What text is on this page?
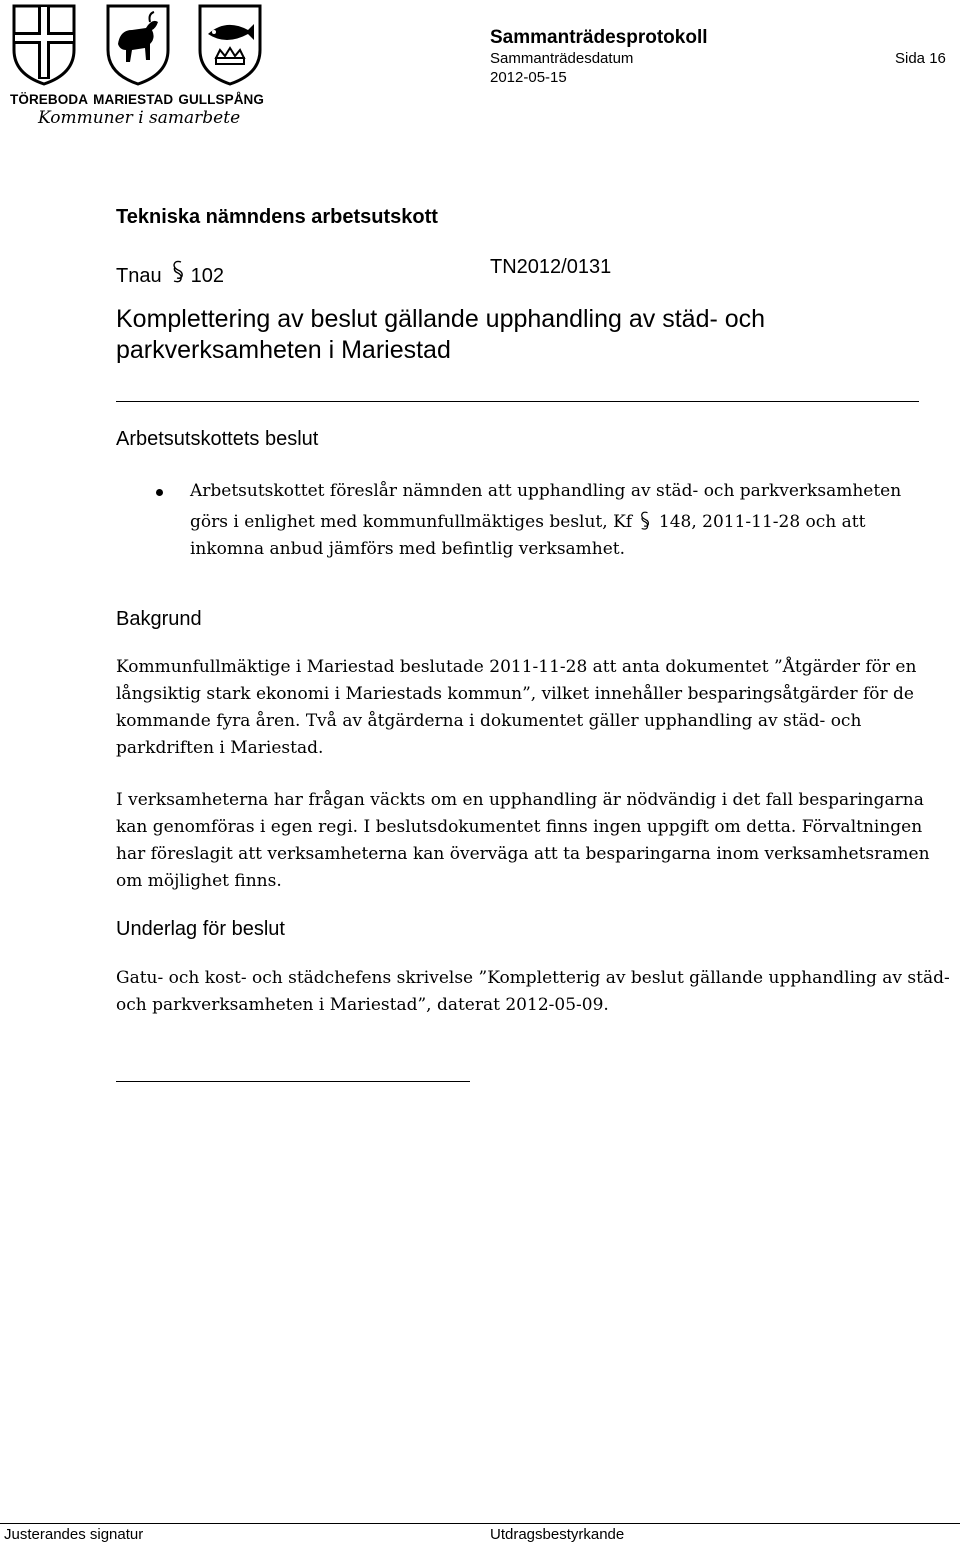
TÖREBODA MARIESTAD GULLSPÅNG
Kommuner i samarbete
Sammanträdesprotokoll
Sammanträdesdatum
2012-05-15
Sida 16
Tekniska nämndens arbetsutskott
Tnau 102	TN2012/0131
Komplettering av beslut gällande upphandling av städ- och parkverksamheten i Mariestad
Arbetsutskottets beslut

Arbetsutskottet föreslår nämnden att upphandling av städ- och parkverksamheten görs i enlighet med kommunfullmäktiges beslut, Kf 148, 2011-11-28 och att inkomna anbud jämförs med befintlig verksamhet.

Bakgrund

Kommunfullmäktige i Mariestad beslutade 2011-11-28 att anta dokumentet ”Åtgärder för en långsiktig stark ekonomi i Mariestads kommun”, vilket innehåller besparingsåtgärder för de kommande fyra åren. Två av åtgärderna i dokumentet gäller upphandling av städ- och parkdriften i Mariestad.

I verksamheterna har frågan väckts om en upphandling är nödvändig i det fall besparingarna kan genomföras i egen regi. I beslutsdokumentet finns ingen uppgift om detta. Förvaltningen har föreslagit att verksamheterna kan överväga att ta besparingarna inom verksamhetsramen om möjlighet finns.

Underlag för beslut

Gatu- och kost- och städchefens skrivelse ”Kompletterig av beslut gällande upphandling av städ- och parkverksamheten i Mariestad”, daterat 2012-05-09.

Justerandes signatur	Utdragsbestyrkande
